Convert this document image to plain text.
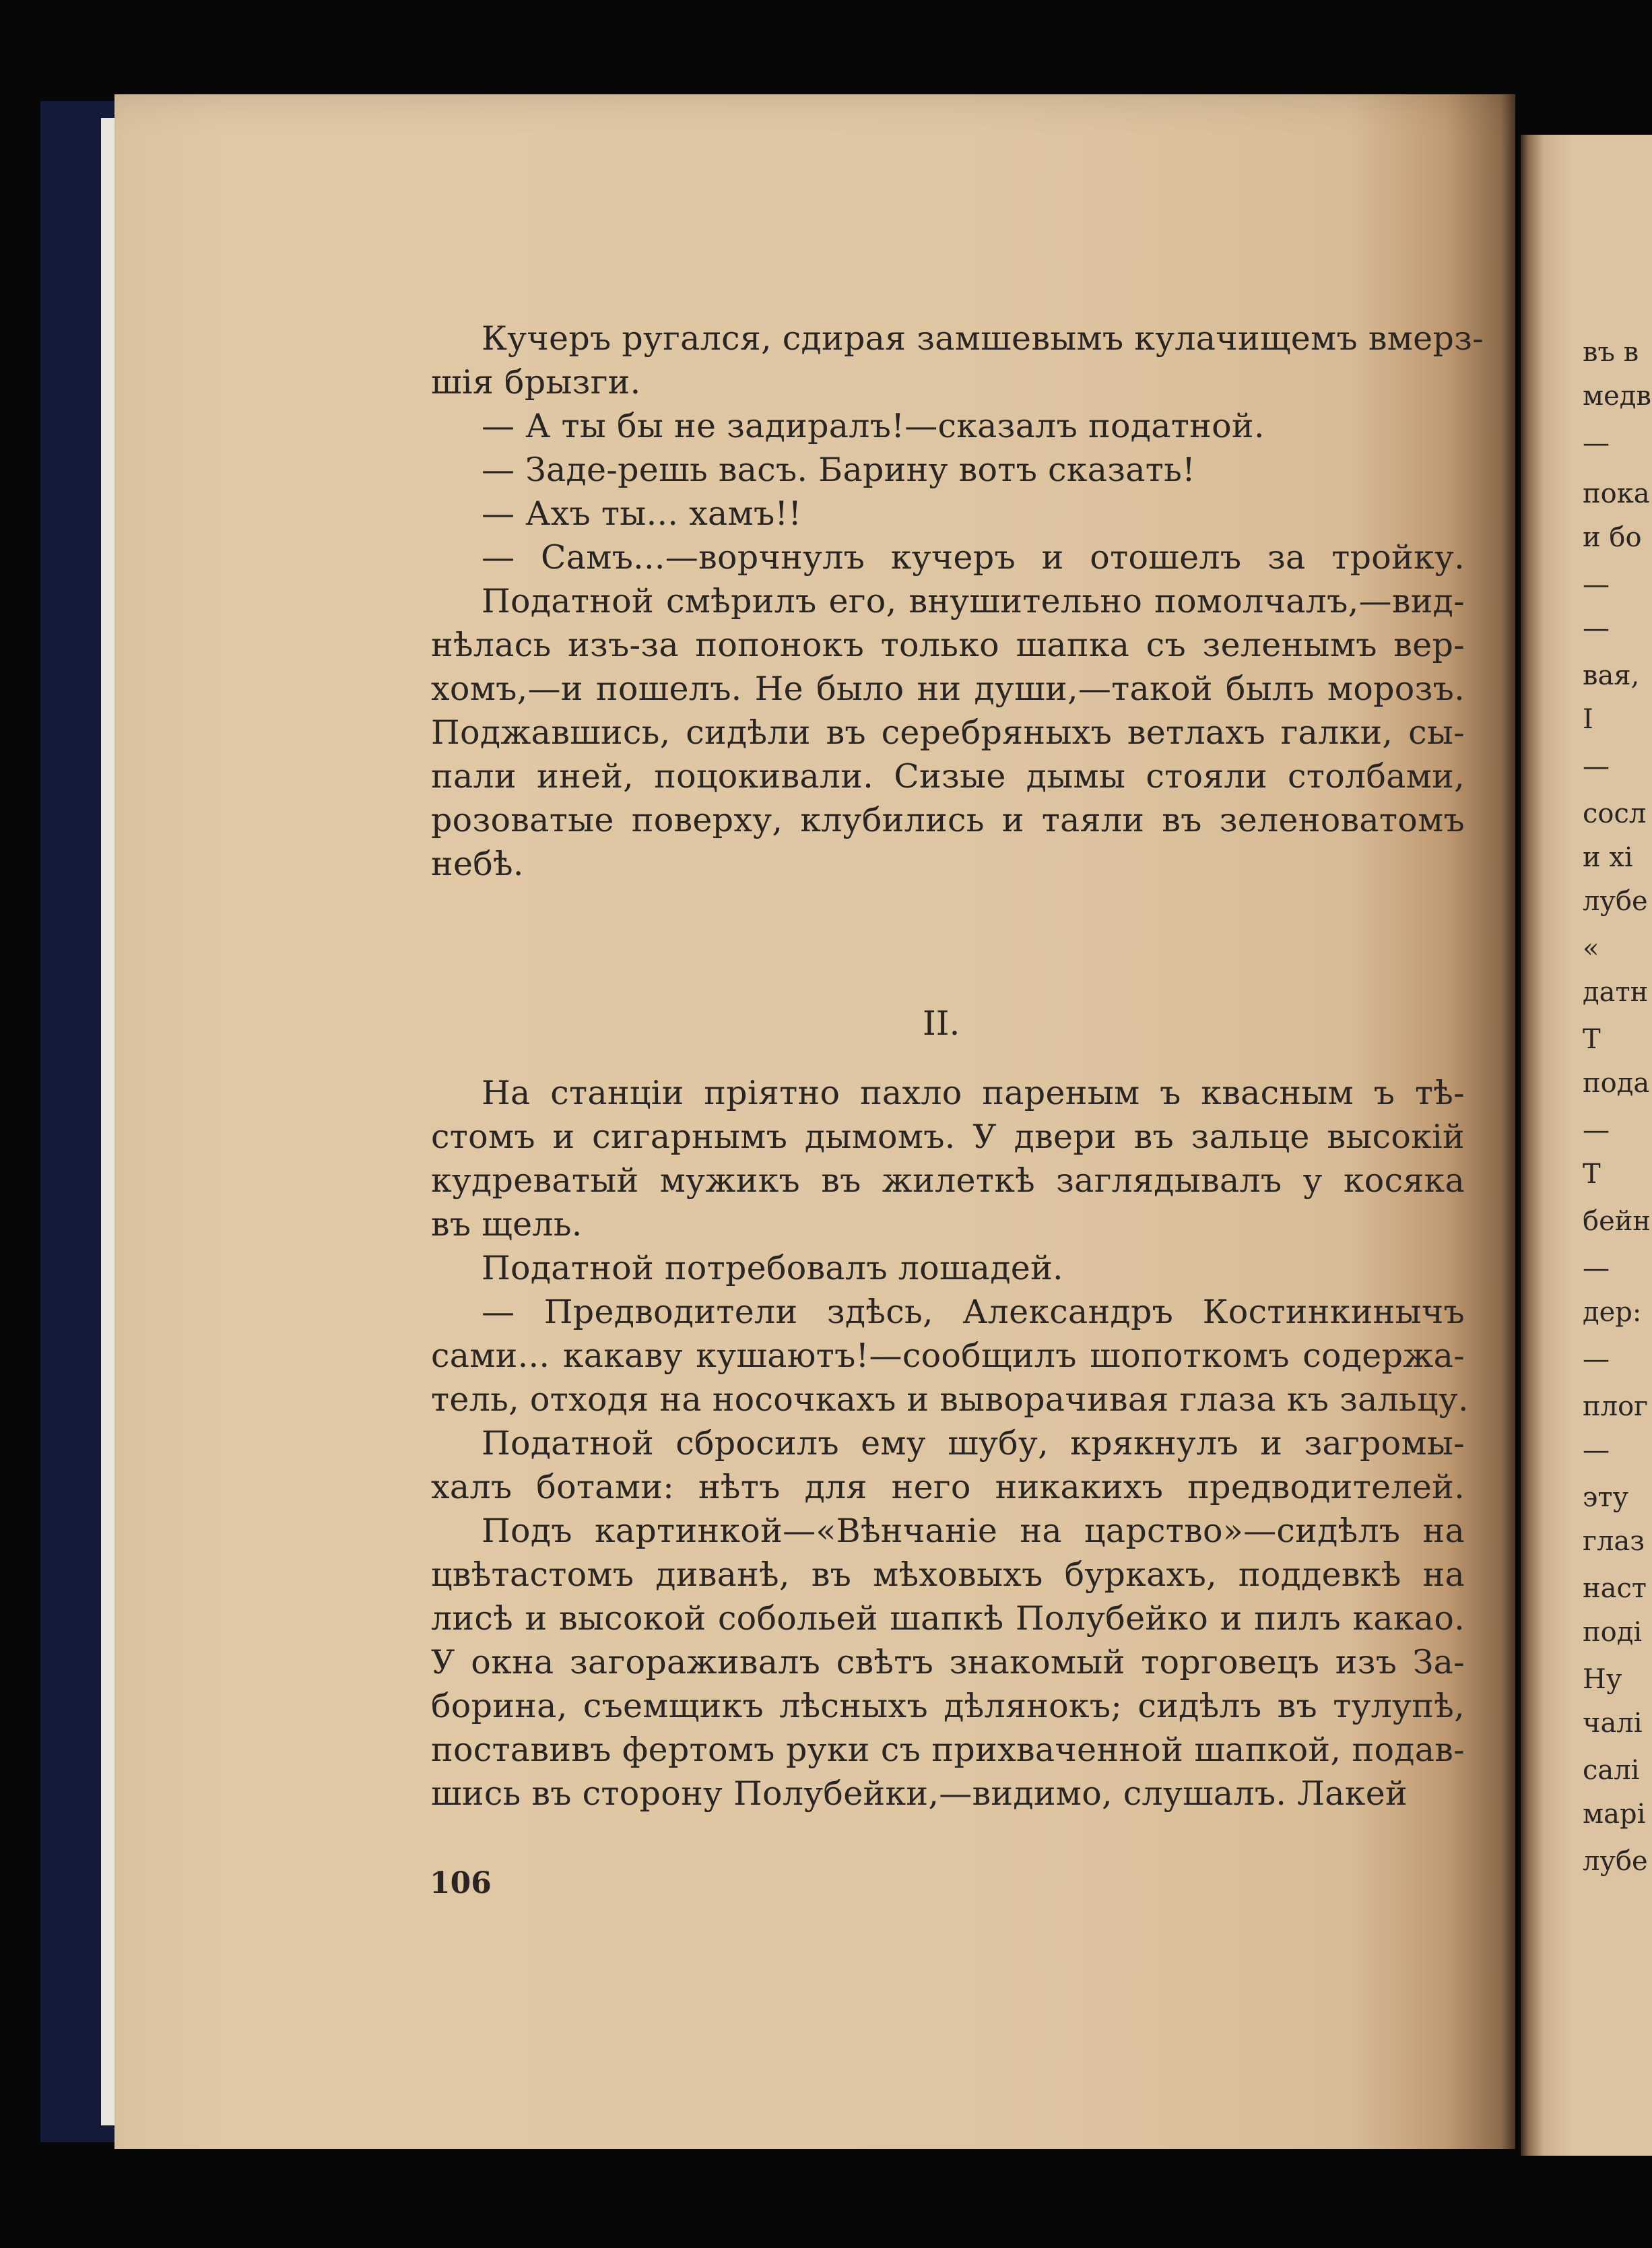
Кучеръ ругался, сдирая замшевымъ кулачищемъ вмерз-
шія брызги.
— А ты бы не задиралъ!—сказалъ податной.
— Заде-решь васъ. Барину вотъ сказать!
— Ахъ ты... хамъ!!
— Самъ...—ворчнулъ кучеръ и отошелъ за тройку.
Податной смѣрилъ его, внушительно помолчалъ,—вид-
нѣлась изъ-за попонокъ только шапка съ зеленымъ вер-
хомъ,—и пошелъ. Не было ни души,—такой былъ морозъ.
Поджавшись, сидѣли въ серебряныхъ ветлахъ галки, сы-
пали иней, поцокивали. Сизые дымы стояли столбами,
розоватые поверху, клубились и таяли въ зеленоватомъ
небѣ.
II.
На станціи пріятно пахло пареным ъ квасным ъ тѣ-
стомъ и сигарнымъ дымомъ. У двери въ зальце высокій
кудреватый мужикъ въ жилеткѣ заглядывалъ у косяка
въ щель.
Податной потребовалъ лошадей.
— Предводители здѣсь, Александръ Костинкинычъ
сами... какаву кушаютъ!—сообщилъ шопоткомъ содержа-
тель, отходя на носочкахъ и выворачивая глаза къ зальцу.
Податной сбросилъ ему шубу, крякнулъ и загромы-
халъ ботами: нѣтъ для него никакихъ предводителей.
Подъ картинкой—«Вѣнчаніе на царство»—сидѣлъ на
цвѣтастомъ диванѣ, въ мѣховыхъ буркахъ, поддевкѣ на
лисѣ и высокой собольей шапкѣ Полубейко и пилъ какао.
У окна загораживалъ свѣтъ знакомый торговецъ изъ За-
борина, съемщикъ лѣсныхъ дѣлянокъ; сидѣлъ въ тулупѣ,
поставивъ фертомъ руки съ прихваченной шапкой, подав-
шись въ сторону Полубейки,—видимо, слушалъ. Лакей
106
въ в
медв
—
пока
и бо
—
—
вая,
I
—
сосл
и хі
лубе
«
датн
Т
пода
—
Т
бейн
—
дер:
—
плог
—
эту
глаз
наст
поді
Ну
чалі
салі
марі
лубе
